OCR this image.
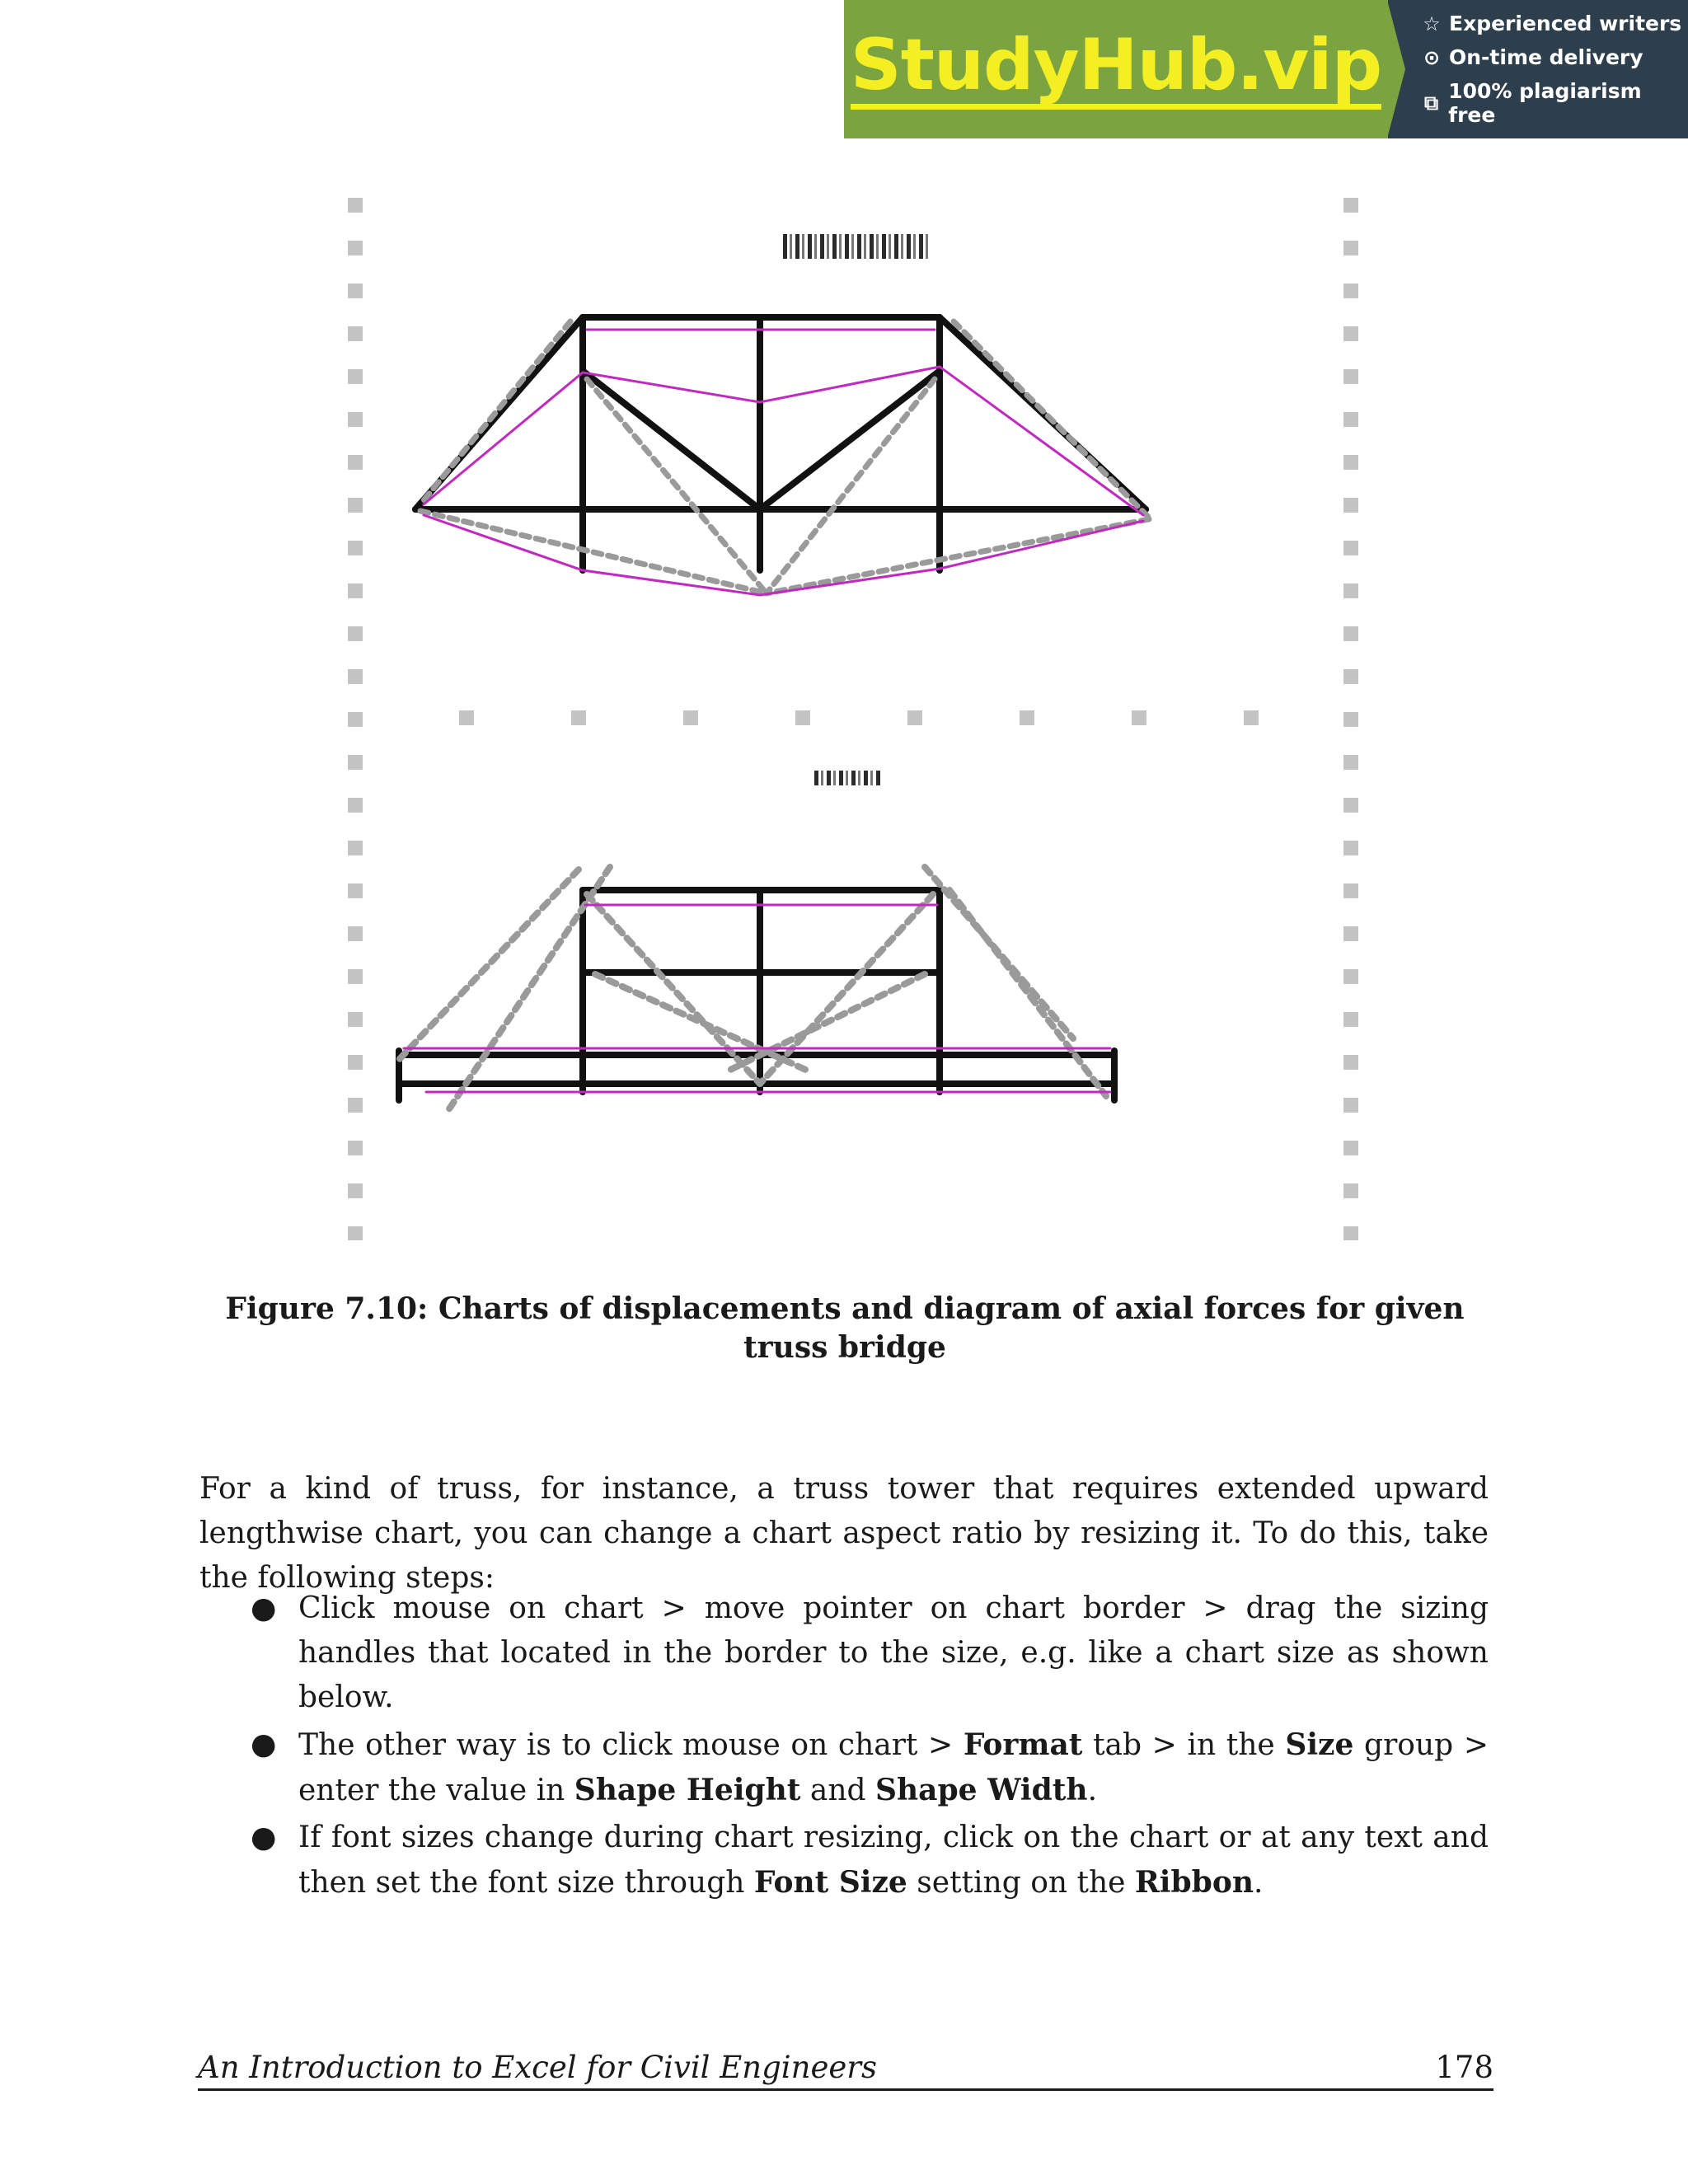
StudyHub.vip ☆ Experienced writers
⊙ On-time delivery
⧉ 100% plagiarism free
Figure 7.10: Charts of displacements and diagram of axial forces for given truss bridge
For a kind of truss, for instance, a truss tower that requires extended upward lengthwise chart, you can change a chart aspect ratio by resizing it. To do this, take the following steps:
● Click mouse on chart > move pointer on chart border > drag the sizing handles that located in the border to the size, e.g. like a chart size as shown below.
● The other way is to click mouse on chart > Format tab > in the Size group > enter the value in Shape Height and Shape Width.
● If font sizes change during chart resizing, click on the chart or at any text and then set the font size through Font Size setting on the Ribbon.
An Introduction to Excel for Civil Engineers	178
